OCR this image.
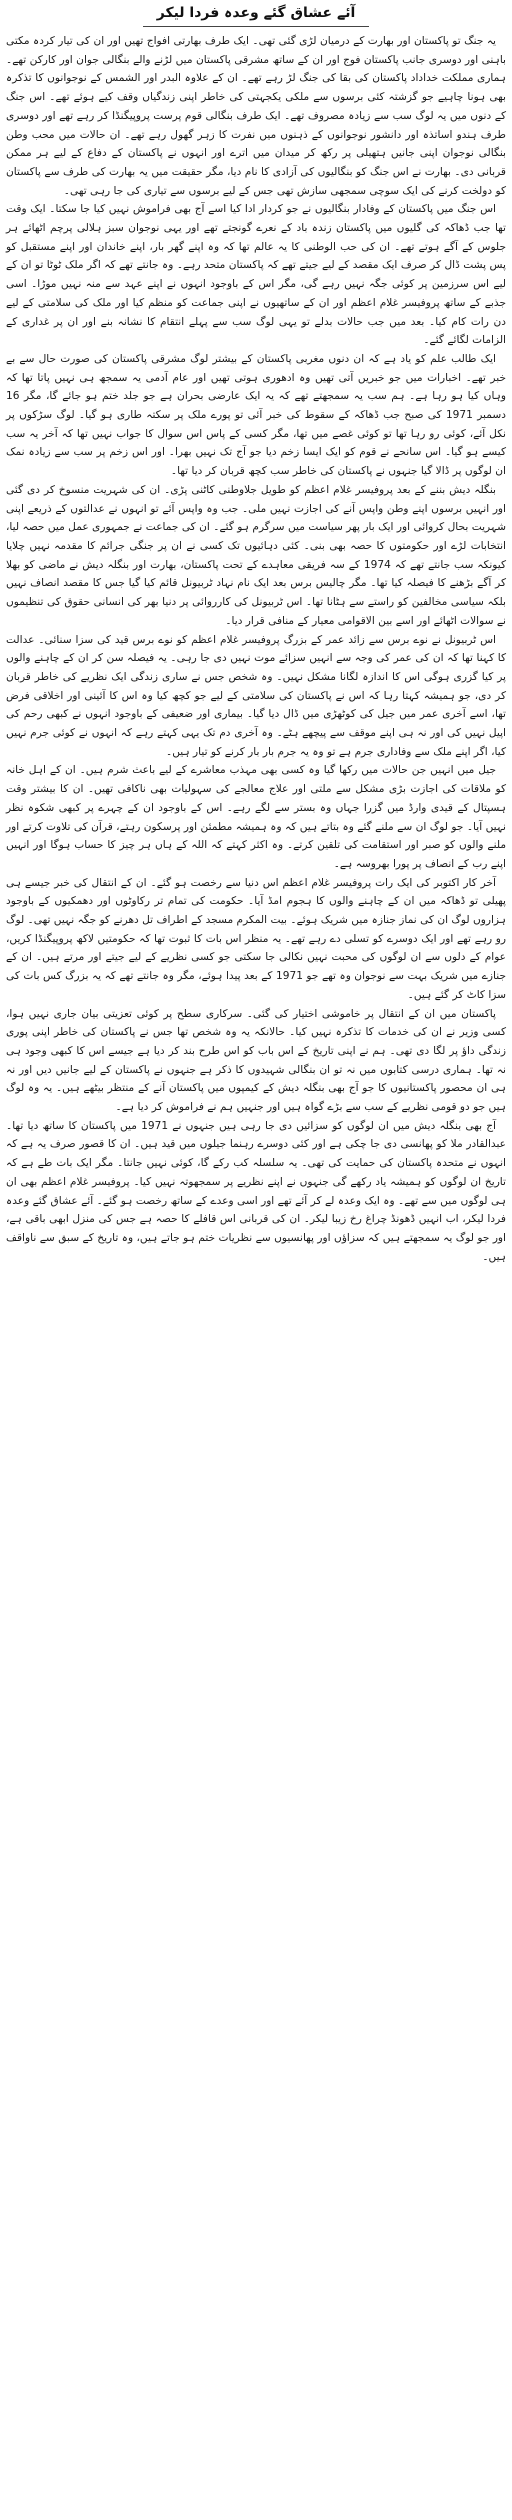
آئے عشاق گئے وعدہ فردا لیکر

یہ جنگ تو پاکستان اور بھارت کے درمیان لڑی گئی تھی۔ ایک طرف بھارتی افواج تھیں اور ان کی تیار کردہ مکتی باہنی اور دوسری جانب پاکستان فوج اور ان کے ساتھ مشرقی پاکستان میں لڑنے والے بنگالی جوان اور کارکن تھے۔ ہماری مملکت خداداد پاکستان کی بقا کی جنگ لڑ رہے تھے۔ ان کے علاوہ البدر اور الشمس کے نوجوانوں کا تذکرہ بھی ہونا چاہیے جو گزشتہ کئی برسوں سے ملکی یکجہتی کی خاطر اپنی زندگیاں وقف کیے ہوئے تھے۔ اس جنگ کے دنوں میں یہ لوگ سب سے زیادہ مصروف تھے۔ ایک طرف بنگالی قوم پرست پروپیگنڈا کر رہے تھے اور دوسری طرف ہندو اساتذہ اور دانشور نوجوانوں کے ذہنوں میں نفرت کا زہر گھول رہے تھے۔ ان حالات میں محب وطن بنگالی نوجوان اپنی جانیں ہتھیلی پر رکھ کر میدان میں اترے اور انہوں نے پاکستان کے دفاع کے لیے ہر ممکن قربانی دی۔ بھارت نے اس جنگ کو بنگالیوں کی آزادی کا نام دیا، مگر حقیقت میں یہ بھارت کی طرف سے پاکستان کو دولخت کرنے کی ایک سوچی سمجھی سازش تھی جس کے لیے برسوں سے تیاری کی جا رہی تھی۔

اس جنگ میں پاکستان کے وفادار بنگالیوں نے جو کردار ادا کیا اسے آج بھی فراموش نہیں کیا جا سکتا۔ ایک وقت تھا جب ڈھاکہ کی گلیوں میں پاکستان زندہ باد کے نعرے گونجتے تھے اور یہی نوجوان سبز ہلالی پرچم اٹھائے ہر جلوس کے آگے ہوتے تھے۔ ان کی حب الوطنی کا یہ عالم تھا کہ وہ اپنے گھر بار، اپنے خاندان اور اپنے مستقبل کو پس پشت ڈال کر صرف ایک مقصد کے لیے جیتے تھے کہ پاکستان متحد رہے۔ وہ جانتے تھے کہ اگر ملک ٹوٹا تو ان کے لیے اس سرزمین پر کوئی جگہ نہیں رہے گی، مگر اس کے باوجود انہوں نے اپنے عہد سے منہ نہیں موڑا۔ اسی جذبے کے ساتھ پروفیسر غلام اعظم اور ان کے ساتھیوں نے اپنی جماعت کو منظم کیا اور ملک کی سلامتی کے لیے دن رات کام کیا۔ بعد میں جب حالات بدلے تو یہی لوگ سب سے پہلے انتقام کا نشانہ بنے اور ان پر غداری کے الزامات لگائے گئے۔

ایک طالب علم کو یاد ہے کہ ان دنوں مغربی پاکستان کے بیشتر لوگ مشرقی پاکستان کی صورت حال سے بے خبر تھے۔ اخبارات میں جو خبریں آتی تھیں وہ ادھوری ہوتی تھیں اور عام آدمی یہ سمجھ ہی نہیں پاتا تھا کہ وہاں کیا ہو رہا ہے۔ ہم سب یہ سمجھتے تھے کہ یہ ایک عارضی بحران ہے جو جلد ختم ہو جائے گا، مگر 16 دسمبر 1971 کی صبح جب ڈھاکہ کے سقوط کی خبر آئی تو پورے ملک پر سکتہ طاری ہو گیا۔ لوگ سڑکوں پر نکل آئے، کوئی رو رہا تھا تو کوئی غصے میں تھا، مگر کسی کے پاس اس سوال کا جواب نہیں تھا کہ آخر یہ سب کیسے ہو گیا۔ اس سانحے نے قوم کو ایک ایسا زخم دیا جو آج تک نہیں بھرا۔ اور اس زخم پر سب سے زیادہ نمک ان لوگوں پر ڈالا گیا جنہوں نے پاکستان کی خاطر سب کچھ قربان کر دیا تھا۔

بنگلہ دیش بننے کے بعد پروفیسر غلام اعظم کو طویل جلاوطنی کاٹنی پڑی۔ ان کی شہریت منسوخ کر دی گئی اور انہیں برسوں اپنے وطن واپس آنے کی اجازت نہیں ملی۔ جب وہ واپس آئے تو انہوں نے عدالتوں کے ذریعے اپنی شہریت بحال کروائی اور ایک بار پھر سیاست میں سرگرم ہو گئے۔ ان کی جماعت نے جمہوری عمل میں حصہ لیا، انتخابات لڑے اور حکومتوں کا حصہ بھی بنی۔ کئی دہائیوں تک کسی نے ان پر جنگی جرائم کا مقدمہ نہیں چلایا کیونکہ سب جانتے تھے کہ 1974 کے سہ فریقی معاہدے کے تحت پاکستان، بھارت اور بنگلہ دیش نے ماضی کو بھلا کر آگے بڑھنے کا فیصلہ کیا تھا۔ مگر چالیس برس بعد ایک نام نہاد ٹربیونل قائم کیا گیا جس کا مقصد انصاف نہیں بلکہ سیاسی مخالفین کو راستے سے ہٹانا تھا۔ اس ٹربیونل کی کارروائی پر دنیا بھر کی انسانی حقوق کی تنظیموں نے سوالات اٹھائے اور اسے بین الاقوامی معیار کے منافی قرار دیا۔

اس ٹربیونل نے نوے برس سے زائد عمر کے بزرگ پروفیسر غلام اعظم کو نوے برس قید کی سزا سنائی۔ عدالت کا کہنا تھا کہ ان کی عمر کی وجہ سے انہیں سزائے موت نہیں دی جا رہی۔ یہ فیصلہ سن کر ان کے چاہنے والوں پر کیا گزری ہوگی اس کا اندازہ لگانا مشکل نہیں۔ وہ شخص جس نے ساری زندگی ایک نظریے کی خاطر قربان کر دی، جو ہمیشہ کہتا رہا کہ اس نے پاکستان کی سلامتی کے لیے جو کچھ کیا وہ اس کا آئینی اور اخلاقی فرض تھا، اسے آخری عمر میں جیل کی کوٹھڑی میں ڈال دیا گیا۔ بیماری اور ضعیفی کے باوجود انہوں نے کبھی رحم کی اپیل نہیں کی اور نہ ہی اپنے موقف سے پیچھے ہٹے۔ وہ آخری دم تک یہی کہتے رہے کہ انہوں نے کوئی جرم نہیں کیا، اگر اپنے ملک سے وفاداری جرم ہے تو وہ یہ جرم بار بار کرنے کو تیار ہیں۔

جیل میں انہیں جن حالات میں رکھا گیا وہ کسی بھی مہذب معاشرے کے لیے باعث شرم ہیں۔ ان کے اہل خانہ کو ملاقات کی اجازت بڑی مشکل سے ملتی اور علاج معالجے کی سہولیات بھی ناکافی تھیں۔ ان کا بیشتر وقت ہسپتال کے قیدی وارڈ میں گزرا جہاں وہ بستر سے لگے رہے۔ اس کے باوجود ان کے چہرے پر کبھی شکوہ نظر نہیں آیا۔ جو لوگ ان سے ملنے گئے وہ بتاتے ہیں کہ وہ ہمیشہ مطمئن اور پرسکون رہتے، قرآن کی تلاوت کرتے اور ملنے والوں کو صبر اور استقامت کی تلقین کرتے۔ وہ اکثر کہتے کہ اللہ کے ہاں ہر چیز کا حساب ہوگا اور انہیں اپنے رب کے انصاف پر پورا بھروسہ ہے۔

آخر کار اکتوبر کی ایک رات پروفیسر غلام اعظم اس دنیا سے رخصت ہو گئے۔ ان کے انتقال کی خبر جیسے ہی پھیلی تو ڈھاکہ میں ان کے چاہنے والوں کا ہجوم امڈ آیا۔ حکومت کی تمام تر رکاوٹوں اور دھمکیوں کے باوجود ہزاروں لوگ ان کی نماز جنازہ میں شریک ہوئے۔ بیت المکرم مسجد کے اطراف تل دھرنے کو جگہ نہیں تھی۔ لوگ رو رہے تھے اور ایک دوسرے کو تسلی دے رہے تھے۔ یہ منظر اس بات کا ثبوت تھا کہ حکومتیں لاکھ پروپیگنڈا کریں، عوام کے دلوں سے ان لوگوں کی محبت نہیں نکالی جا سکتی جو کسی نظریے کے لیے جیتے اور مرتے ہیں۔ ان کے جنازے میں شریک بہت سے نوجوان وہ تھے جو 1971 کے بعد پیدا ہوئے، مگر وہ جانتے تھے کہ یہ بزرگ کس بات کی سزا کاٹ کر گئے ہیں۔

پاکستان میں ان کے انتقال پر خاموشی اختیار کی گئی۔ سرکاری سطح پر کوئی تعزیتی بیان جاری نہیں ہوا، کسی وزیر نے ان کی خدمات کا تذکرہ نہیں کیا۔ حالانکہ یہ وہ شخص تھا جس نے پاکستان کی خاطر اپنی پوری زندگی داؤ پر لگا دی تھی۔ ہم نے اپنی تاریخ کے اس باب کو اس طرح بند کر دیا ہے جیسے اس کا کبھی وجود ہی نہ تھا۔ ہماری درسی کتابوں میں نہ تو ان بنگالی شہیدوں کا ذکر ہے جنہوں نے پاکستان کے لیے جانیں دیں اور نہ ہی ان محصور پاکستانیوں کا جو آج بھی بنگلہ دیش کے کیمپوں میں پاکستان آنے کے منتظر بیٹھے ہیں۔ یہ وہ لوگ ہیں جو دو قومی نظریے کے سب سے بڑے گواہ ہیں اور جنہیں ہم نے فراموش کر دیا ہے۔

آج بھی بنگلہ دیش میں ان لوگوں کو سزائیں دی جا رہی ہیں جنہوں نے 1971 میں پاکستان کا ساتھ دیا تھا۔ عبدالقادر ملا کو پھانسی دی جا چکی ہے اور کئی دوسرے رہنما جیلوں میں قید ہیں۔ ان کا قصور صرف یہ ہے کہ انہوں نے متحدہ پاکستان کی حمایت کی تھی۔ یہ سلسلہ کب رکے گا، کوئی نہیں جانتا۔ مگر ایک بات طے ہے کہ تاریخ ان لوگوں کو ہمیشہ یاد رکھے گی جنہوں نے اپنے نظریے پر سمجھوتہ نہیں کیا۔ پروفیسر غلام اعظم بھی ان ہی لوگوں میں سے تھے۔ وہ ایک وعدہ لے کر آئے تھے اور اسی وعدے کے ساتھ رخصت ہو گئے۔ آئے عشاق گئے وعدہ فردا لیکر، اب انہیں ڈھونڈ چراغ رخ زیبا لیکر۔ ان کی قربانی اس قافلے کا حصہ ہے جس کی منزل ابھی باقی ہے، اور جو لوگ یہ سمجھتے ہیں کہ سزاؤں اور پھانسیوں سے نظریات ختم ہو جاتے ہیں، وہ تاریخ کے سبق سے ناواقف ہیں۔
